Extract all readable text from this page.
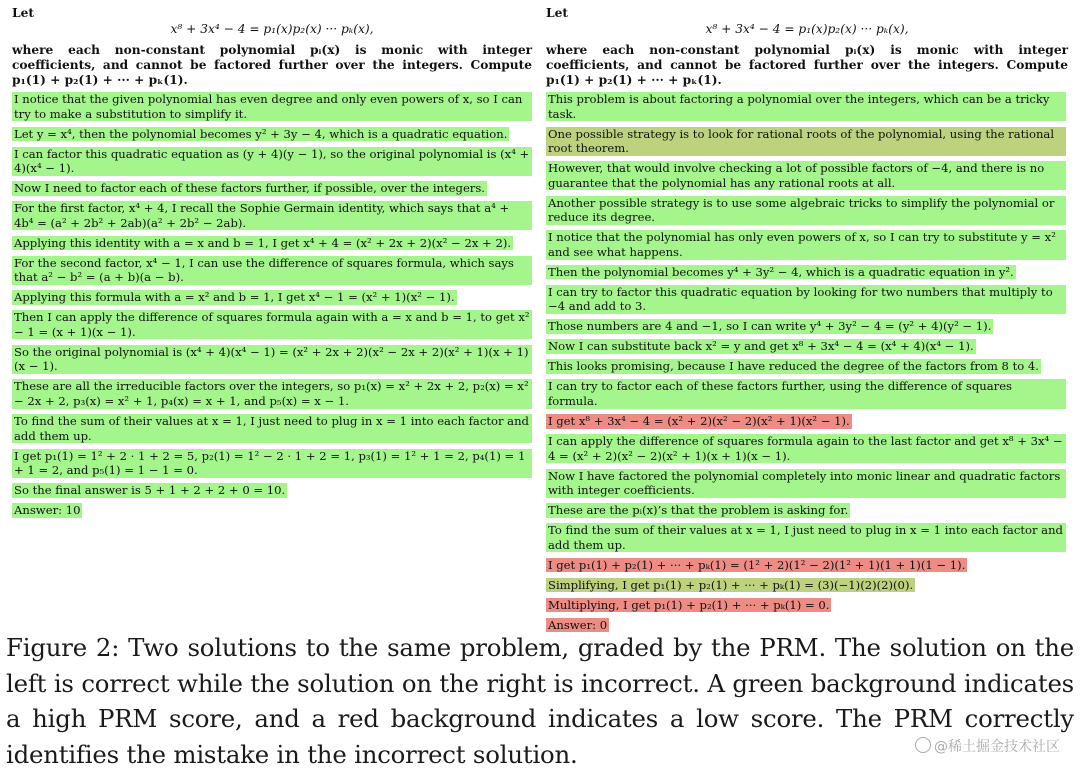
Let
x⁸ + 3x⁴ − 4 = p₁(x)p₂(x) ··· pₖ(x),
where each non-constant polynomial pᵢ(x) is monic with integer coefficients, and cannot be factored further over the integers. Compute p₁(1) + p₂(1) + ··· + pₖ(1).
I notice that the given polynomial has even degree and only even powers of x, so I can try to make a substitution to simplify it.
Let y = x⁴, then the polynomial becomes y² + 3y − 4, which is a quadratic equation.
I can factor this quadratic equation as (y + 4)(y − 1), so the original polynomial is (x⁴ + 4)(x⁴ − 1).
Now I need to factor each of these factors further, if possible, over the integers.
For the first factor, x⁴ + 4, I recall the Sophie Germain identity, which says that a⁴ + 4b⁴ = (a² + 2b² + 2ab)(a² + 2b² − 2ab).
Applying this identity with a = x and b = 1, I get x⁴ + 4 = (x² + 2x + 2)(x² − 2x + 2).
For the second factor, x⁴ − 1, I can use the difference of squares formula, which says that a² − b² = (a + b)(a − b).
Applying this formula with a = x² and b = 1, I get x⁴ − 1 = (x² + 1)(x² − 1).
Then I can apply the difference of squares formula again with a = x and b = 1, to get x² − 1 = (x + 1)(x − 1).
So the original polynomial is (x⁴ + 4)(x⁴ − 1) = (x² + 2x + 2)(x² − 2x + 2)(x² + 1)(x + 1)(x − 1).
These are all the irreducible factors over the integers, so p₁(x) = x² + 2x + 2, p₂(x) = x² − 2x + 2, p₃(x) = x² + 1, p₄(x) = x + 1, and p₅(x) = x − 1.
To find the sum of their values at x = 1, I just need to plug in x = 1 into each factor and add them up.
I get p₁(1) = 1² + 2 · 1 + 2 = 5, p₂(1) = 1² − 2 · 1 + 2 = 1, p₃(1) = 1² + 1 = 2, p₄(1) = 1 + 1 = 2, and p₅(1) = 1 − 1 = 0.
So the final answer is 5 + 1 + 2 + 2 + 0 = 10.
Answer: 10
Let
x⁸ + 3x⁴ − 4 = p₁(x)p₂(x) ··· pₖ(x),
where each non-constant polynomial pᵢ(x) is monic with integer coefficients, and cannot be factored further over the integers. Compute p₁(1) + p₂(1) + ··· + pₖ(1).
This problem is about factoring a polynomial over the integers, which can be a tricky task.
One possible strategy is to look for rational roots of the polynomial, using the rational root theorem.
However, that would involve checking a lot of possible factors of −4, and there is no guarantee that the polynomial has any rational roots at all.
Another possible strategy is to use some algebraic tricks to simplify the polynomial or reduce its degree.
I notice that the polynomial has only even powers of x, so I can try to substitute y = x² and see what happens.
Then the polynomial becomes y⁴ + 3y² − 4, which is a quadratic equation in y².
I can try to factor this quadratic equation by looking for two numbers that multiply to −4 and add to 3.
Those numbers are 4 and −1, so I can write y⁴ + 3y² − 4 = (y² + 4)(y² − 1).
Now I can substitute back x² = y and get x⁸ + 3x⁴ − 4 = (x⁴ + 4)(x⁴ − 1).
This looks promising, because I have reduced the degree of the factors from 8 to 4.
I can try to factor each of these factors further, using the difference of squares formula.
I get x⁸ + 3x⁴ − 4 = (x² + 2)(x² − 2)(x² + 1)(x² − 1).
I can apply the difference of squares formula again to the last factor and get x⁸ + 3x⁴ − 4 = (x² + 2)(x² − 2)(x² + 1)(x + 1)(x − 1).
Now I have factored the polynomial completely into monic linear and quadratic factors with integer coefficients.
These are the pᵢ(x)’s that the problem is asking for.
To find the sum of their values at x = 1, I just need to plug in x = 1 into each factor and add them up.
I get p₁(1) + p₂(1) + ··· + pₖ(1) = (1² + 2)(1² − 2)(1² + 1)(1 + 1)(1 − 1).
Simplifying, I get p₁(1) + p₂(1) + ··· + pₖ(1) = (3)(−1)(2)(2)(0).
Multiplying, I get p₁(1) + p₂(1) + ··· + pₖ(1) = 0.
Answer: 0
Figure 2: Two solutions to the same problem, graded by the PRM. The solution on the left is correct while the solution on the right is incorrect. A green background indicates a high PRM score, and a red background indicates a low score. The PRM correctly identifies the mistake in the incorrect solution.	@稀土掘金技术社区
